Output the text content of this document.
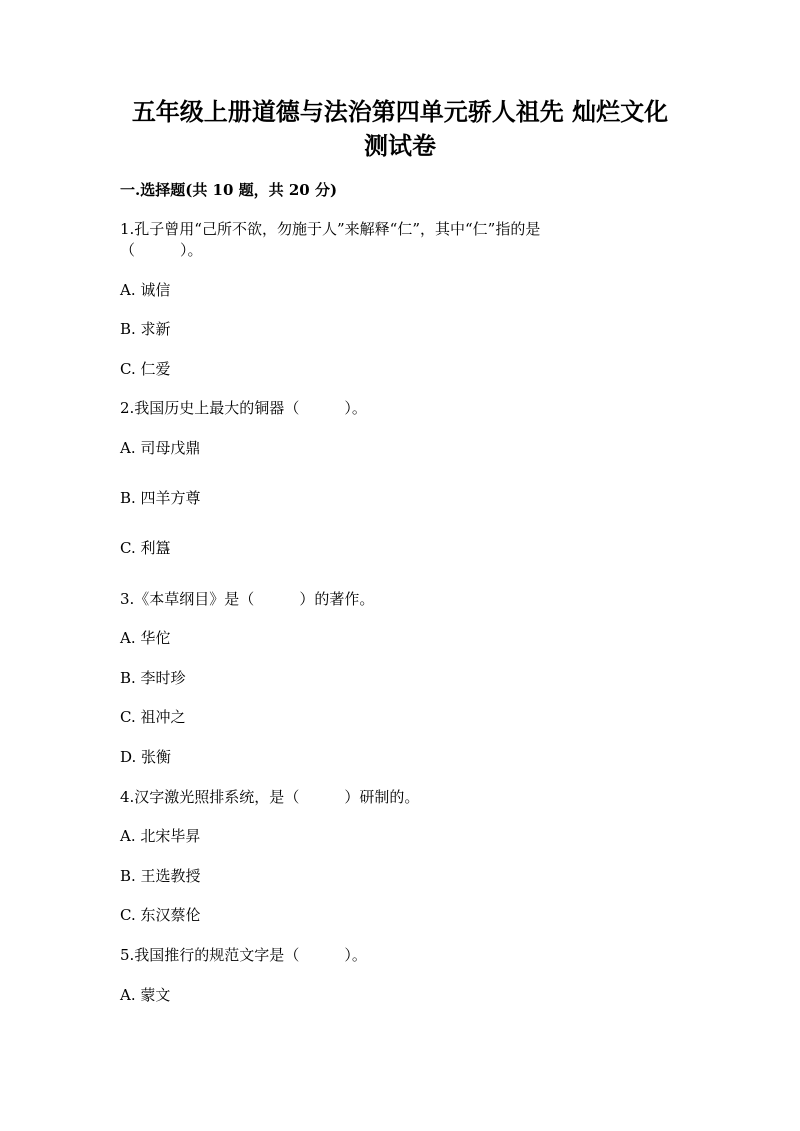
五年级上册道德与法治第四单元骄人祖先 灿烂文化
测试卷
一.选择题(共 10 题，共 20 分)
1.孔子曾用“己所不欲，勿施于人”来解释“仁”，其中“仁”指的是
（　　　）。
A. 诚信
B. 求新
C. 仁爱
2.我国历史上最大的铜器（　　　）。
A. 司母戊鼎
B. 四羊方尊
C. 利簋
3.《本草纲目》是（　　　）的著作。
A. 华佗
B. 李时珍
C. 祖冲之
D. 张衡
4.汉字激光照排系统，是（　　　）研制的。
A. 北宋毕昇
B. 王选教授
C. 东汉蔡伦
5.我国推行的规范文字是（　　　）。
A. 蒙文
